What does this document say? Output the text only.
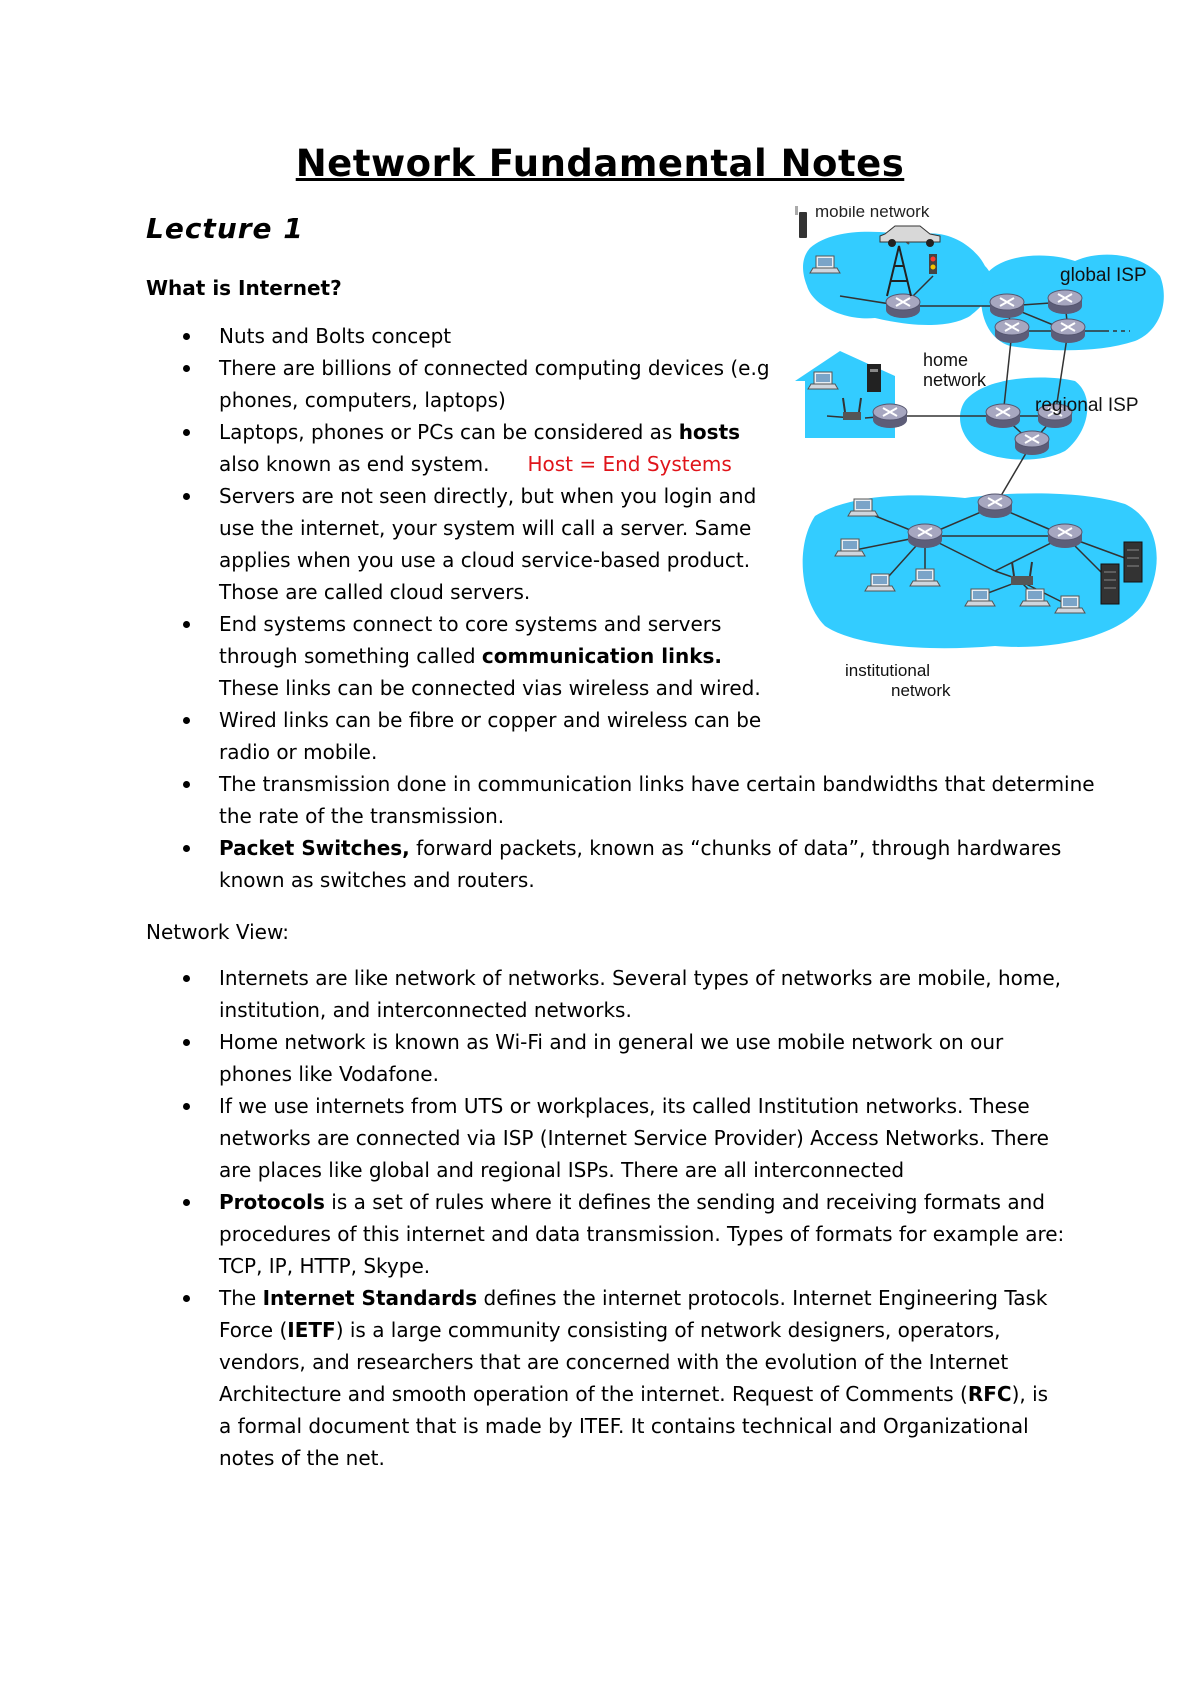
Network Fundamental Notes
Lecture 1
What is Internet?
Nuts and Bolts concept
There are billions of connected computing devices (e.g phones, computers, laptops)
Laptops, phones or PCs can be considered as hosts also known as end system. Host = End Systems
Servers are not seen directly, but when you login and use the internet, your system will call a server. Same applies when you use a cloud service-based product. Those are called cloud servers.
End systems connect to core systems and servers through something called communication links. These links can be connected vias wireless and wired.
Wired links can be fibre or copper and wireless can be radio or mobile.
The transmission done in communication links have certain bandwidths that determine the rate of the transmission.
Packet Switches, forward packets, known as “chunks of data”, through hardwares known as switches and routers.
Network View:
Internets are like network of networks. Several types of networks are mobile, home, institution, and interconnected networks.
Home network is known as Wi-Fi and in general we use mobile network on our phones like Vodafone.
If we use internets from UTS or workplaces, its called Institution networks. These networks are connected via ISP (Internet Service Provider) Access Networks. There are places like global and regional ISPs. There are all interconnected
Protocols is a set of rules where it defines the sending and receiving formats and procedures of this internet and data transmission. Types of formats for example are: TCP, IP, HTTP, Skype.
The Internet Standards defines the internet protocols. Internet Engineering Task Force (IETF) is a large community consisting of network designers, operators, vendors, and researchers that are concerned with the evolution of the Internet Architecture and smooth operation of the internet. Request of Comments (RFC), is a formal document that is made by ITEF. It contains technical and Organizational notes of the net.
mobile network
global ISP
home
network
regional ISP
institutional
network
